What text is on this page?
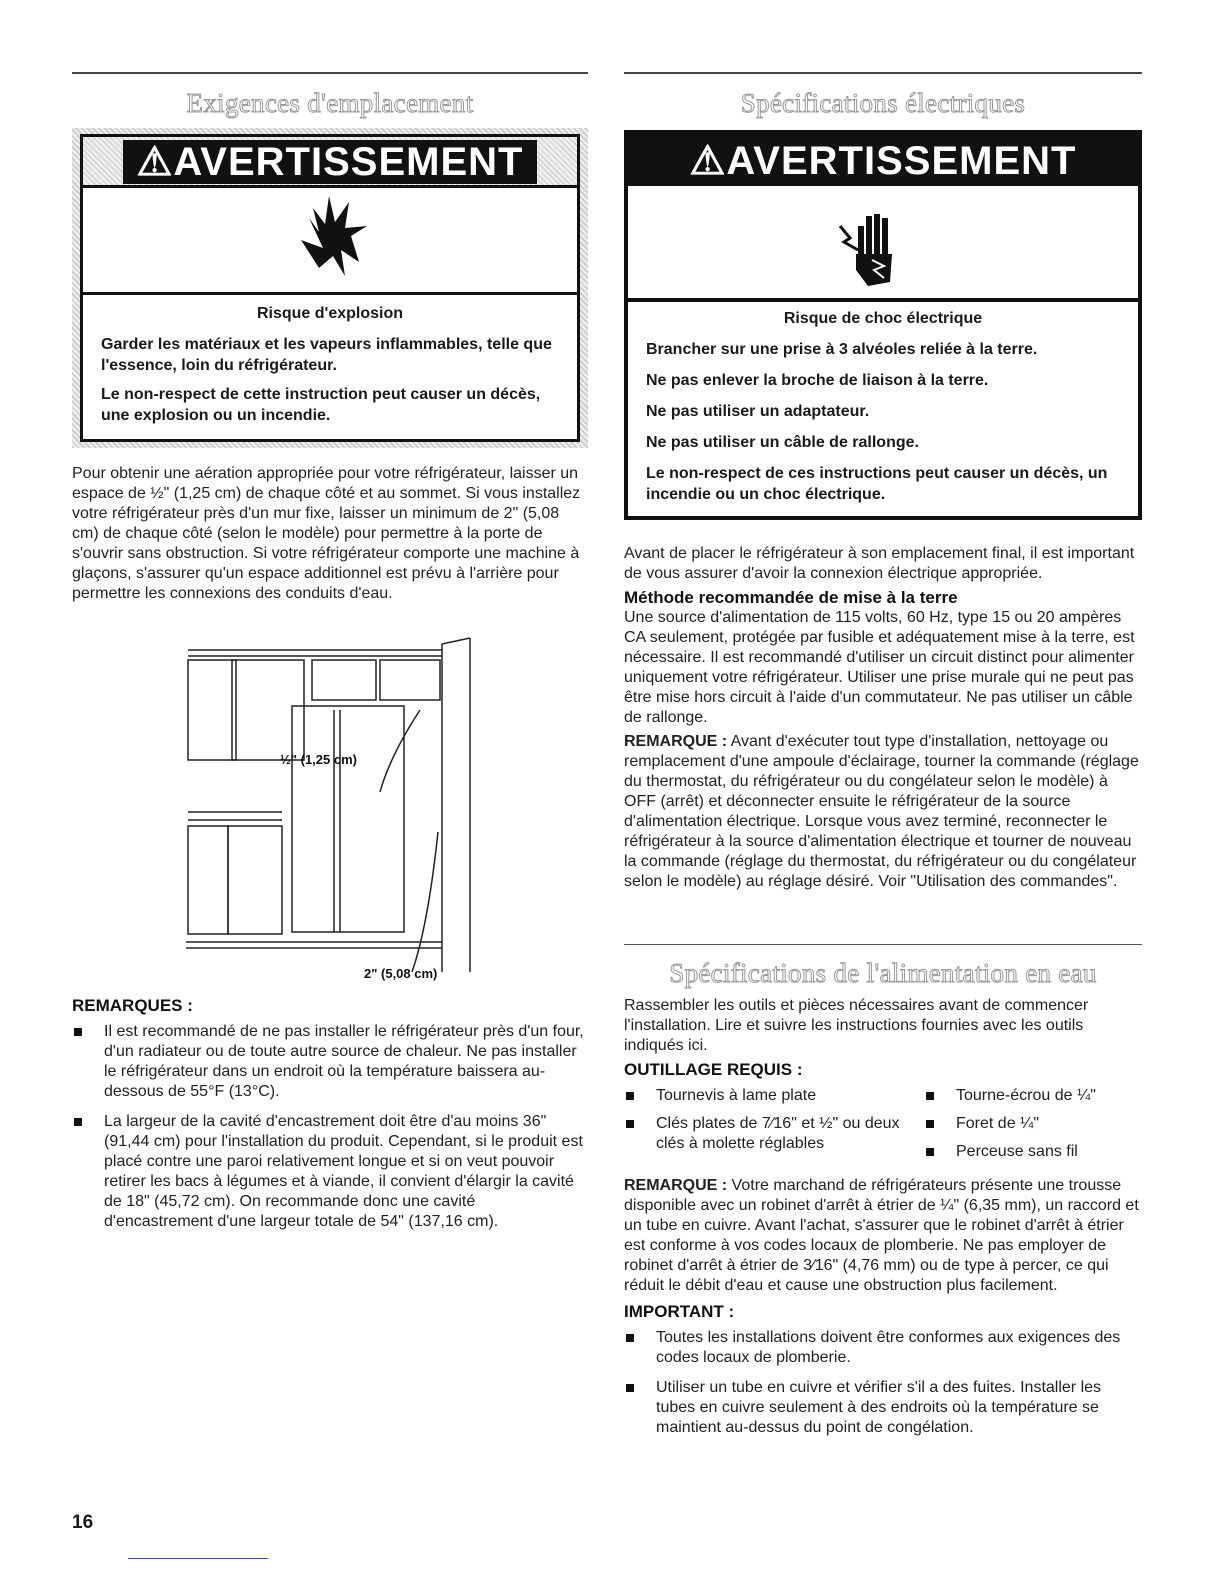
Exigences d'emplacement
⚠AVERTISSEMENT
Risque d'explosion

Garder les matériaux et les vapeurs inflammables, telle que l'essence, loin du réfrigérateur.

Le non-respect de cette instruction peut causer un décès, une explosion ou un incendie.

Pour obtenir une aération appropriée pour votre réfrigérateur, laisser un espace de ½" (1,25 cm) de chaque côté et au sommet. Si vous installez votre réfrigérateur près d'un mur fixe, laisser un minimum de 2" (5,08 cm) de chaque côté (selon le modèle) pour permettre à la porte de s'ouvrir sans obstruction. Si votre réfrigérateur comporte une machine à glaçons, s'assurer qu'un espace additionnel est prévu à l'arrière pour permettre les connexions des conduits d'eau.

½" (1,25 cm)
2" (5,08 cm)

REMARQUES :

Il est recommandé de ne pas installer le réfrigérateur près d'un four, d'un radiateur ou de toute autre source de chaleur. Ne pas installer le réfrigérateur dans un endroit où la température baissera au-dessous de 55°F (13°C).

La largeur de la cavité d'encastrement doit être d'au moins 36" (91,44 cm) pour l'installation du produit. Cependant, si le produit est placé contre une paroi relativement longue et si on veut pouvoir retirer les bacs à légumes et à viande, il convient d'élargir la cavité de 18" (45,72 cm). On recommande donc une cavité d'encastrement d'une largeur totale de 54" (137,16 cm).

Spécifications électriques
⚠AVERTISSEMENT
Risque de choc électrique

Brancher sur une prise à 3 alvéoles reliée à la terre.

Ne pas enlever la broche de liaison à la terre.

Ne pas utiliser un adaptateur.

Ne pas utiliser un câble de rallonge.

Le non-respect de ces instructions peut causer un décès, un incendie ou un choc électrique.

Avant de placer le réfrigérateur à son emplacement final, il est important de vous assurer d'avoir la connexion électrique appropriée.

Méthode recommandée de mise à la terre

Une source d'alimentation de 115 volts, 60 Hz, type 15 ou 20 ampères CA seulement, protégée par fusible et adéquatement mise à la terre, est nécessaire. Il est recommandé d'utiliser un circuit distinct pour alimenter uniquement votre réfrigérateur. Utiliser une prise murale qui ne peut pas être mise hors circuit à l'aide d'un commutateur. Ne pas utiliser un câble de rallonge.

REMARQUE : Avant d'exécuter tout type d'installation, nettoyage ou remplacement d'une ampoule d'éclairage, tourner la commande (réglage du thermostat, du réfrigérateur ou du congélateur selon le modèle) à OFF (arrêt) et déconnecter ensuite le réfrigérateur de la source d'alimentation électrique. Lorsque vous avez terminé, reconnecter le réfrigérateur à la source d'alimentation électrique et tourner de nouveau la commande (réglage du thermostat, du réfrigérateur ou du congélateur selon le modèle) au réglage désiré. Voir "Utilisation des commandes".

Spécifications de l'alimentation en eau

Rassembler les outils et pièces nécessaires avant de commencer l'installation. Lire et suivre les instructions fournies avec les outils indiqués ici.

OUTILLAGE REQUIS :

Tournevis à lame plate
Clés plates de 7⁄16" et ½" ou deux clés à molette réglables
Tourne-écrou de ¼"
Foret de ¼"
Perceuse sans fil

REMARQUE : Votre marchand de réfrigérateurs présente une trousse disponible avec un robinet d'arrêt à étrier de ¼" (6,35 mm), un raccord et un tube en cuivre. Avant l'achat, s'assurer que le robinet d'arrêt à étrier est conforme à vos codes locaux de plomberie. Ne pas employer de robinet d'arrêt à étrier de 3⁄16" (4,76 mm) ou de type à percer, ce qui réduit le débit d'eau et cause une obstruction plus facilement.

IMPORTANT :

Toutes les installations doivent être conformes aux exigences des codes locaux de plomberie.
Utiliser un tube en cuivre et vérifier s'il a des fuites. Installer les tubes en cuivre seulement à des endroits où la température se maintient au-dessus du point de congélation.
16
